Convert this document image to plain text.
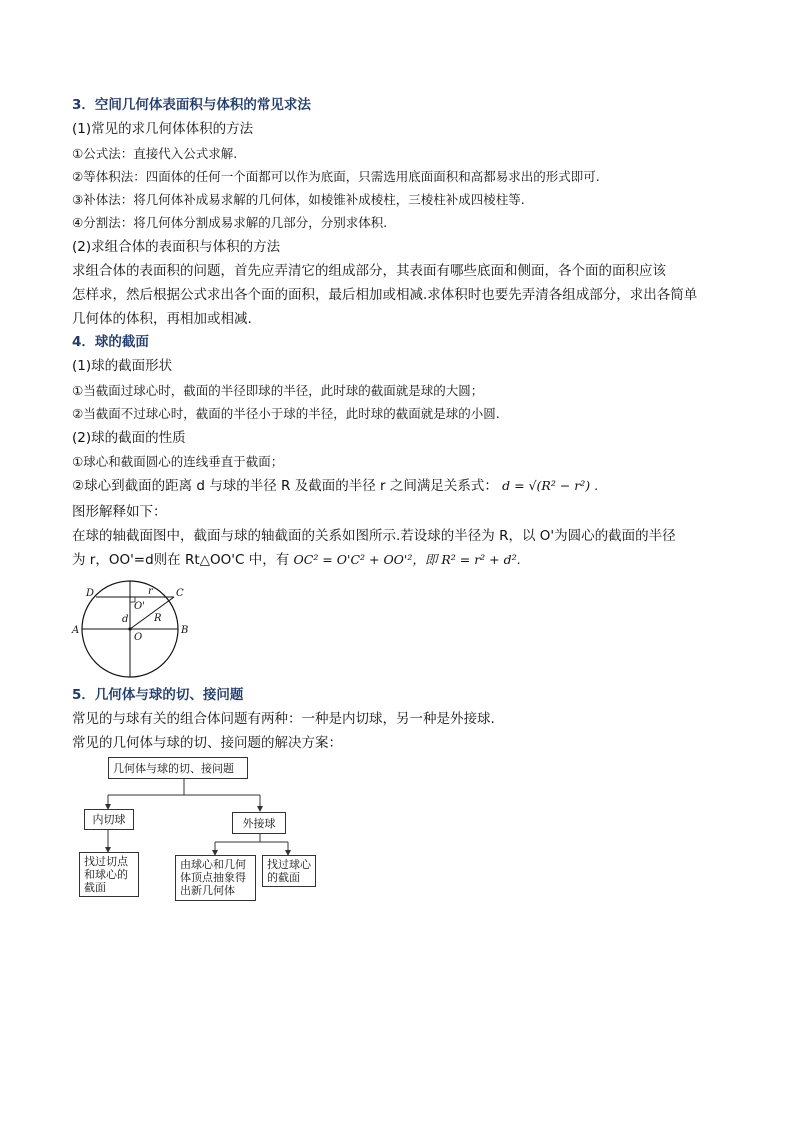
3．空间几何体表面积与体积的常见求法
(1)常见的求几何体体积的方法
①公式法：直接代入公式求解.
②等体积法：四面体的任何一个面都可以作为底面，只需选用底面面积和高都易求出的形式即可.
③补体法：将几何体补成易求解的几何体，如棱锥补成棱柱，三棱柱补成四棱柱等.
④分割法：将几何体分割成易求解的几部分，分别求体积.
(2)求组合体的表面积与体积的方法
求组合体的表面积的问题，首先应弄清它的组成部分，其表面有哪些底面和侧面，各个面的面积应该
怎样求，然后根据公式求出各个面的面积，最后相加或相减.求体积时也要先弄清各组成部分，求出各简单
几何体的体积，再相加或相减.
4．球的截面
(1)球的截面形状
①当截面过球心时，截面的半径即球的半径，此时球的截面就是球的大圆；
②当截面不过球心时，截面的半径小于球的半径，此时球的截面就是球的小圆.
(2)球的截面的性质
①球心和截面圆心的连线垂直于截面；
②球心到截面的距离 d 与球的半径 R 及截面的半径 r 之间满足关系式： d = √(R² − r²) .
图形解释如下：
在球的轴截面图中，截面与球的轴截面的关系如图所示.若设球的半径为 R，以 O'为圆心的截面的半径
为 r，OO'=d则在 Rt△OO'C 中，有 OC² = O'C² + OO'²，即 R² = r² + d².
D	C
A	B
O'
r
R
d
O
5．几何体与球的切、接问题
常见的与球有关的组合体问题有两种：一种是内切球，另一种是外接球.
常见的几何体与球的切、接问题的解决方案：
几何体与球的切、接问题
内切球	外接球
找过切点和球心的截面
由球心和几何体顶点抽象得出新几何体
找过球心的截面
